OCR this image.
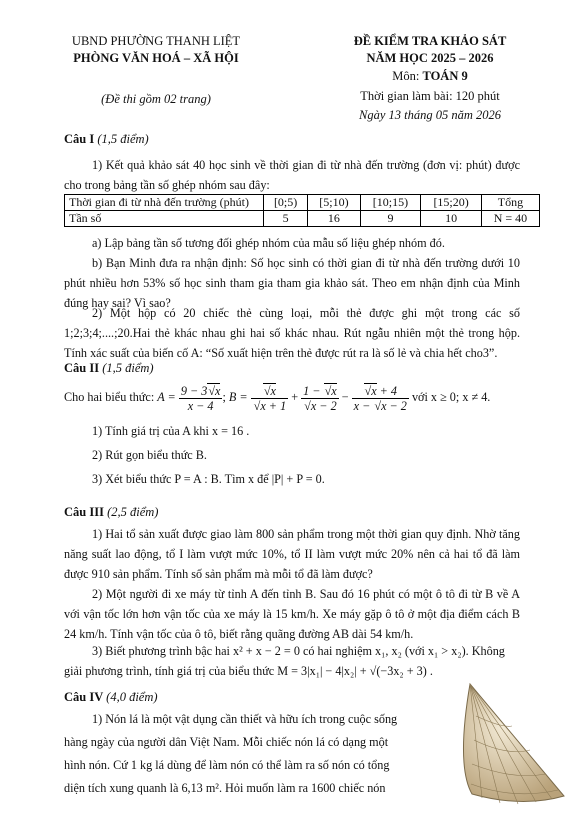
UBND PHƯỜNG THANH LIỆT
PHÒNG VĂN HOÁ – XÃ HỘI
(Đề thi gồm 02 trang)
ĐỀ KIỂM TRA KHẢO SÁT
NĂM HỌC 2025 – 2026
Môn: TOÁN 9
Thời gian làm bài: 120 phút
Ngày 13 tháng 05 năm 2026
Câu I (1,5 điểm)
1) Kết quả khảo sát 40 học sinh về thời gian đi từ nhà đến trường (đơn vị: phút) được cho trong bảng tần số ghép nhóm sau đây:
Thời gian đi từ nhà đến trường (phút)	[0;5)	[5;10)	[10;15)	[15;20)	Tổng
Tần số	5	16	9	10	N = 40
a) Lập bảng tần số tương đối ghép nhóm của mẫu số liệu ghép nhóm đó.
b) Bạn Minh đưa ra nhận định: Số học sinh có thời gian đi từ nhà đến trường dưới 10 phút nhiều hơn 53% số học sinh tham gia tham gia khảo sát. Theo em nhận định của Minh đúng hay sai? Vì sao?
2) Một hộp có 20 chiếc thẻ cùng loại, mỗi thẻ được ghi một trong các số 1;2;3;4;....;20.Hai thẻ khác nhau ghi hai số khác nhau. Rút ngẫu nhiên một thẻ trong hộp. Tính xác suất của biến cố A: “Số xuất hiện trên thẻ được rút ra là số lẻ và chia hết cho3”.
Câu II (1,5 điểm)
Cho hai biểu thức: $A = \frac{9 - 3√x}{x - 4}$ ; $B = \frac{√x}{√x + 1} + \frac{1 - √x}{√x - 2} - \frac{√x + 4}{x - √x - 2}$ với x ≥ 0; x ≠ 4.
1) Tính giá trị của A khi x = 16 .
2) Rút gọn biểu thức B.
3) Xét biểu thức P = A : B. Tìm x để |P| + P = 0.
Câu III (2,5 điểm)
1) Hai tổ sản xuất được giao làm 800 sản phẩm trong một thời gian quy định. Nhờ tăng năng suất lao động, tổ I làm vượt mức 10%, tổ II làm vượt mức 20% nên cả hai tổ đã làm được 910 sản phẩm. Tính số sản phẩm mà mỗi tổ đã làm được?
2) Một người đi xe máy từ tỉnh A đến tỉnh B. Sau đó 16 phút có một ô tô đi từ B về A với vận tốc lớn hơn vận tốc của xe máy là 15 km/h. Xe máy gặp ô tô ở một địa điểm cách B 24 km/h. Tính vận tốc của ô tô, biết rằng quãng đường AB dài 54 km/h.
3) Biết phương trình bậc hai x² + x − 2 = 0 có hai nghiệm x₁, x₂ (với x₁ > x₂). Không
giải phương trình, tính giá trị của biểu thức M = 3|x₁| − 4|x₂| + √(−3x₂ + 3) .
Câu IV (4,0 điểm)
1) Nón lá là một vật dụng cần thiết và hữu ích trong cuộc sống
hàng ngày của người dân Việt Nam. Mỗi chiếc nón lá có dạng một
hình nón. Cứ 1 kg lá dùng để làm nón có thể làm ra số nón có tổng
diện tích xung quanh là 6,13 m². Hỏi muốn làm ra 1600 chiếc nón
